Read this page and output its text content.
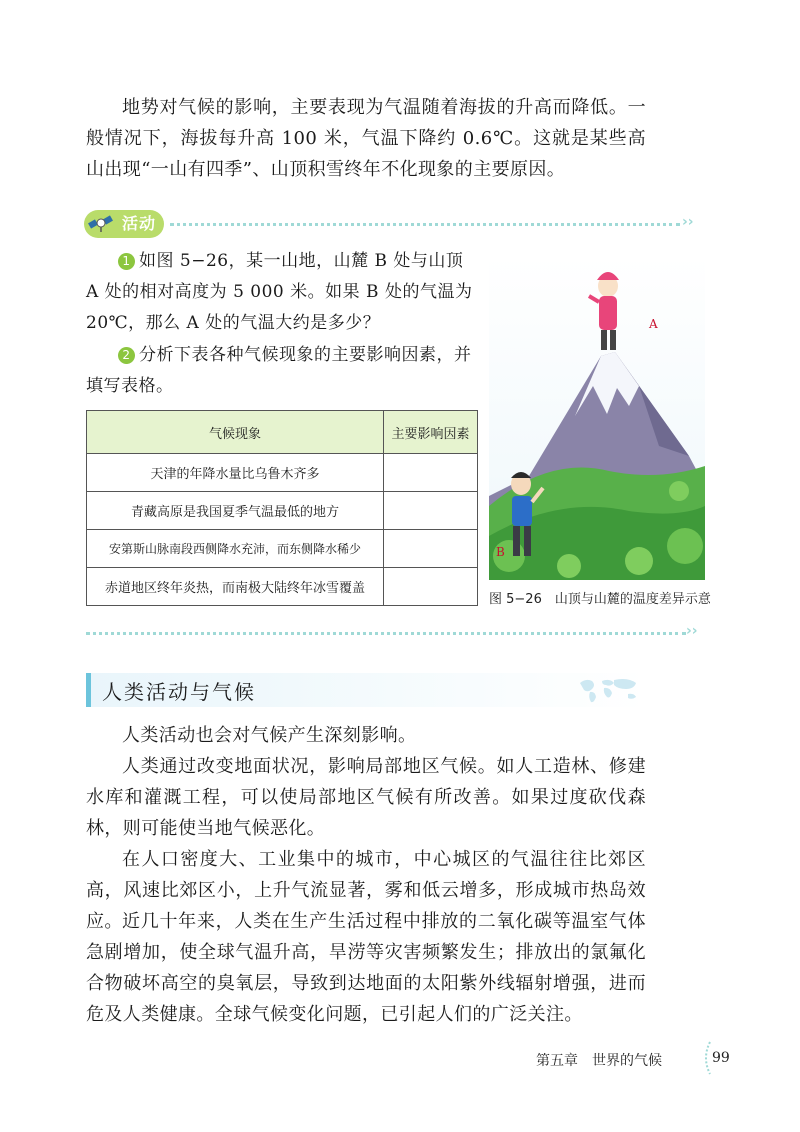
地势对气候的影响，主要表现为气温随着海拔的升高而降低。一般情况下，海拔每升高 100 米，气温下降约 0.6℃。这就是某些高山出现“一山有四季”、山顶积雪终年不化现象的主要原因。

活动	››

1 如图 5−26，某一山地，山麓 B 处与山顶 A 处的相对高度为 5 000 米。如果 B 处的气温为 20℃，那么 A 处的气温大约是多少？

2 分析下表各种气候现象的主要影响因素，并填写表格。

气候现象	主要影响因素
天津的年降水量比乌鲁木齐多	
青藏高原是我国夏季气温最低的地方	
安第斯山脉南段西侧降水充沛，而东侧降水稀少	
赤道地区终年炎热，而南极大陆终年冰雪覆盖	
A
B
图 5−26　山顶与山麓的温度差异示意
››
人类活动与气候

人类活动也会对气候产生深刻影响。

人类通过改变地面状况，影响局部地区气候。如人工造林、修建水库和灌溉工程，可以使局部地区气候有所改善。如果过度砍伐森林，则可能使当地气候恶化。

在人口密度大、工业集中的城市，中心城区的气温往往比郊区高，风速比郊区小，上升气流显著，雾和低云增多，形成城市热岛效应。 近几十年来，人类在生产生活过程中排放的二氧化碳等温室气体急剧增加，使全球气温升高，旱涝等灾害频繁发生；排放出的氯氟化合物破坏高空的臭氧层，导致到达地面的太阳紫外线辐射增强，进而危及人类健康。全球气候变化问题，已引起人们的广泛关注。

第五章　世界的气候	99
